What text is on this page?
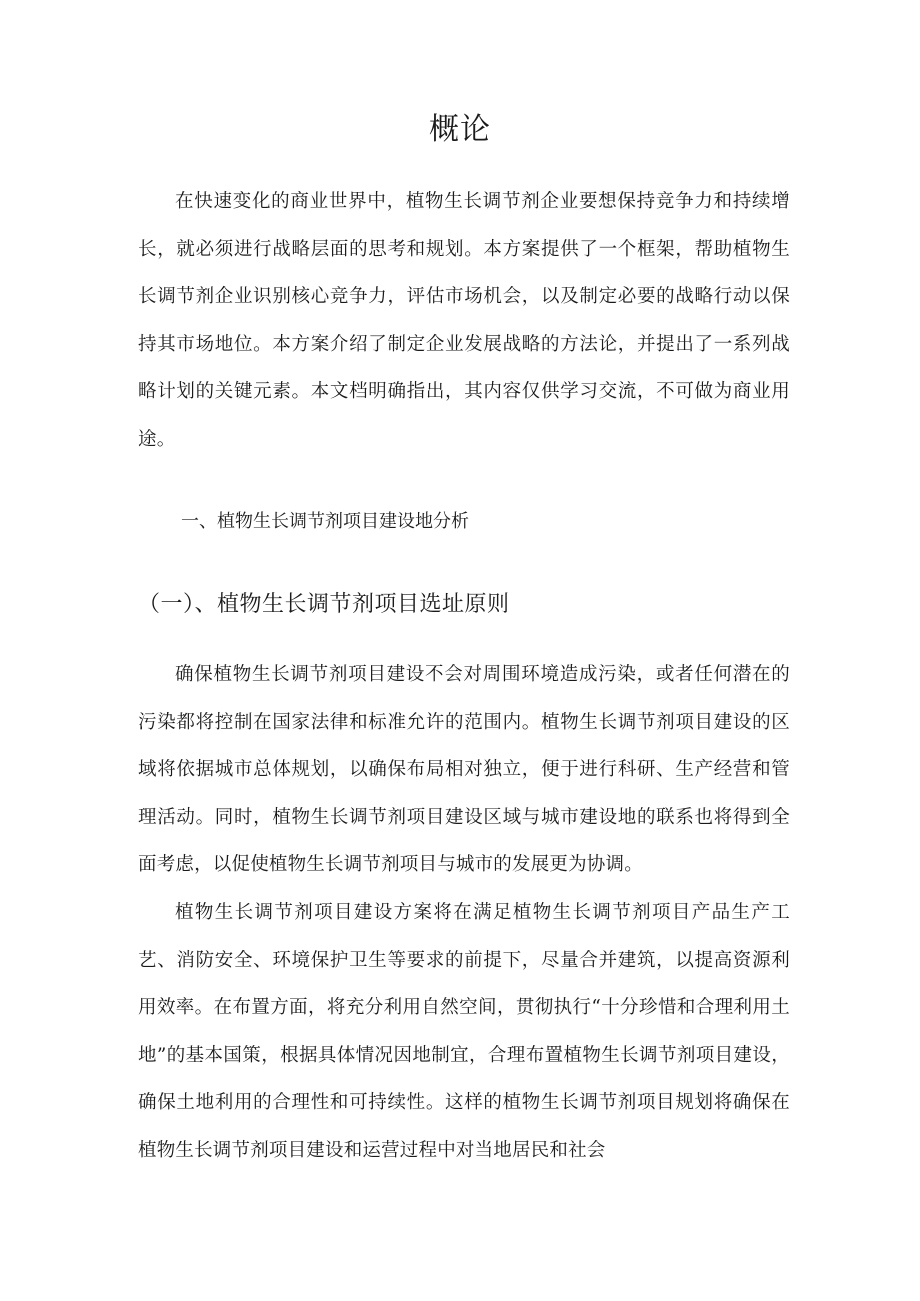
概论

在快速变化的商业世界中，植物生长调节剂企业要想保持竞争力和持续增长，就必须进行战略层面的思考和规划。本方案提供了一个框架，帮助植物生长调节剂企业识别核心竞争力，评估市场机会，以及制定必要的战略行动以保持其市场地位。本方案介绍了制定企业发展战略的方法论，并提出了一系列战略计划的关键元素。本文档明确指出，其内容仅供学习交流，不可做为商业用途。

一、植物生长调节剂项目建设地分析
（一）、植物生长调节剂项目选址原则

确保植物生长调节剂项目建设不会对周围环境造成污染，或者任何潜在的污染都将控制在国家法律和标准允许的范围内。植物生长调节剂项目建设的区域将依据城市总体规划，以确保布局相对独立，便于进行科研、生产经营和管理活动。同时，植物生长调节剂项目建设区域与城市建设地的联系也将得到全面考虑，以促使植物生长调节剂项目与城市的发展更为协调。

植物生长调节剂项目建设方案将在满足植物生长调节剂项目产品生产工艺、消防安全、环境保护卫生等要求的前提下，尽量合并建筑，以提高资源利用效率。在布置方面，将充分利用自然空间，贯彻执行“十分珍惜和合理利用土地”的基本国策，根据具体情况因地制宜，合理布置植物生长调节剂项目建设，确保土地利用的合理性和可持续性。这样的植物生长调节剂项目规划将确保在植物生长调节剂项目建设和运营过程中对当地居民和社会
